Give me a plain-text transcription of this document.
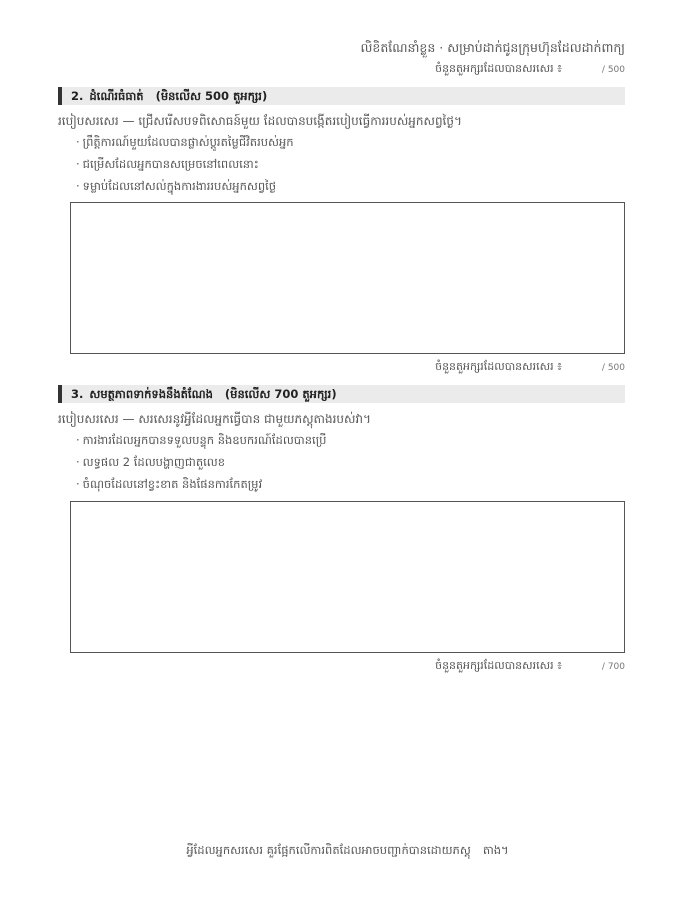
លិខិតណែនាំខ្លួន · សម្រាប់ដាក់ជូនក្រុមហ៊ុនដែលដាក់ពាក្យ
ចំនួនតួអក្សរដែលបានសរសេរ ៖	/ 500
2. ដំណើរធំធាត់ (មិនលើស 500 តួអក្សរ)
របៀបសរសេរ — ជ្រើសរើសបទពិសោធន៍មួយ ដែលបានបង្កើតរបៀបធ្វើការរបស់អ្នកសព្វថ្ងៃ។
· ព្រឹត្តិការណ៍មួយដែលបានផ្លាស់ប្តូរតម្លៃជីវិតរបស់អ្នក
· ជម្រើសដែលអ្នកបានសម្រេចនៅពេលនោះ
· ទម្លាប់ដែលនៅសល់ក្នុងការងាររបស់អ្នកសព្វថ្ងៃ
ចំនួនតួអក្សរដែលបានសរសេរ ៖	/ 500
3. សមត្ថភាពទាក់ទងនឹងតំណែង (មិនលើស 700 តួអក្សរ)
របៀបសរសេរ — សរសេរនូវអ្វីដែលអ្នកធ្វើបាន ជាមួយភស្តុតាងរបស់វា។
· ការងារដែលអ្នកបានទទួលបន្ទុក និងឧបករណ៍ដែលបានប្រើ
· លទ្ធផល 2 ដែលបង្ហាញជាតួលេខ
· ចំណុចដែលនៅខ្វះខាត និងផែនការកែតម្រូវ
ចំនួនតួអក្សរដែលបានសរសេរ ៖	/ 700
អ្វីដែលអ្នកសរសេរ គួរផ្អែកលើការពិតដែលអាចបញ្ជាក់បានដោយភស្តុ តាង។
